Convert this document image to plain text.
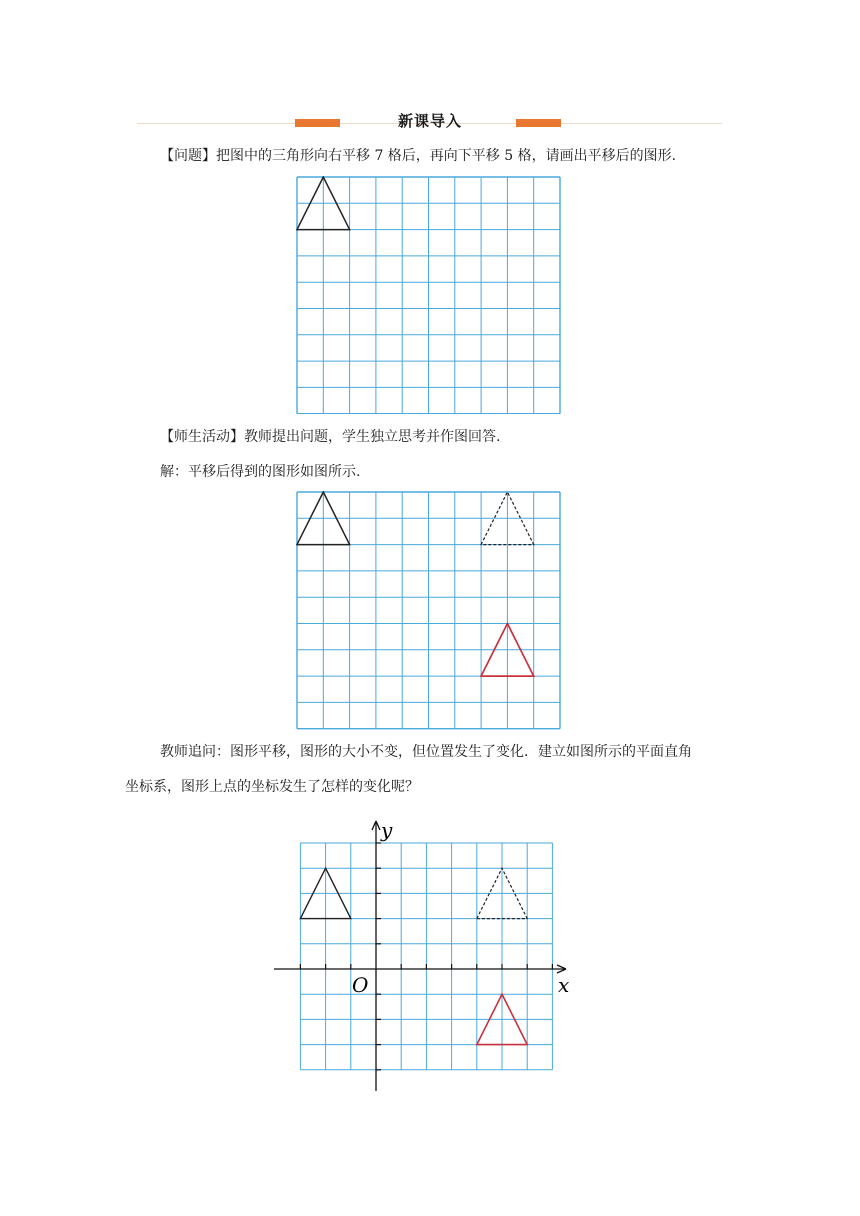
新课导入
【问题】把图中的三角形向右平移 7 格后，再向下平移 5 格，请画出平移后的图形.
【师生活动】教师提出问题，学生独立思考并作图回答.
解：平移后得到的图形如图所示.
教师追问：图形平移，图形的大小不变，但位置发生了变化．建立如图所示的平面直角
坐标系，图形上点的坐标发生了怎样的变化呢？
y
x
O
